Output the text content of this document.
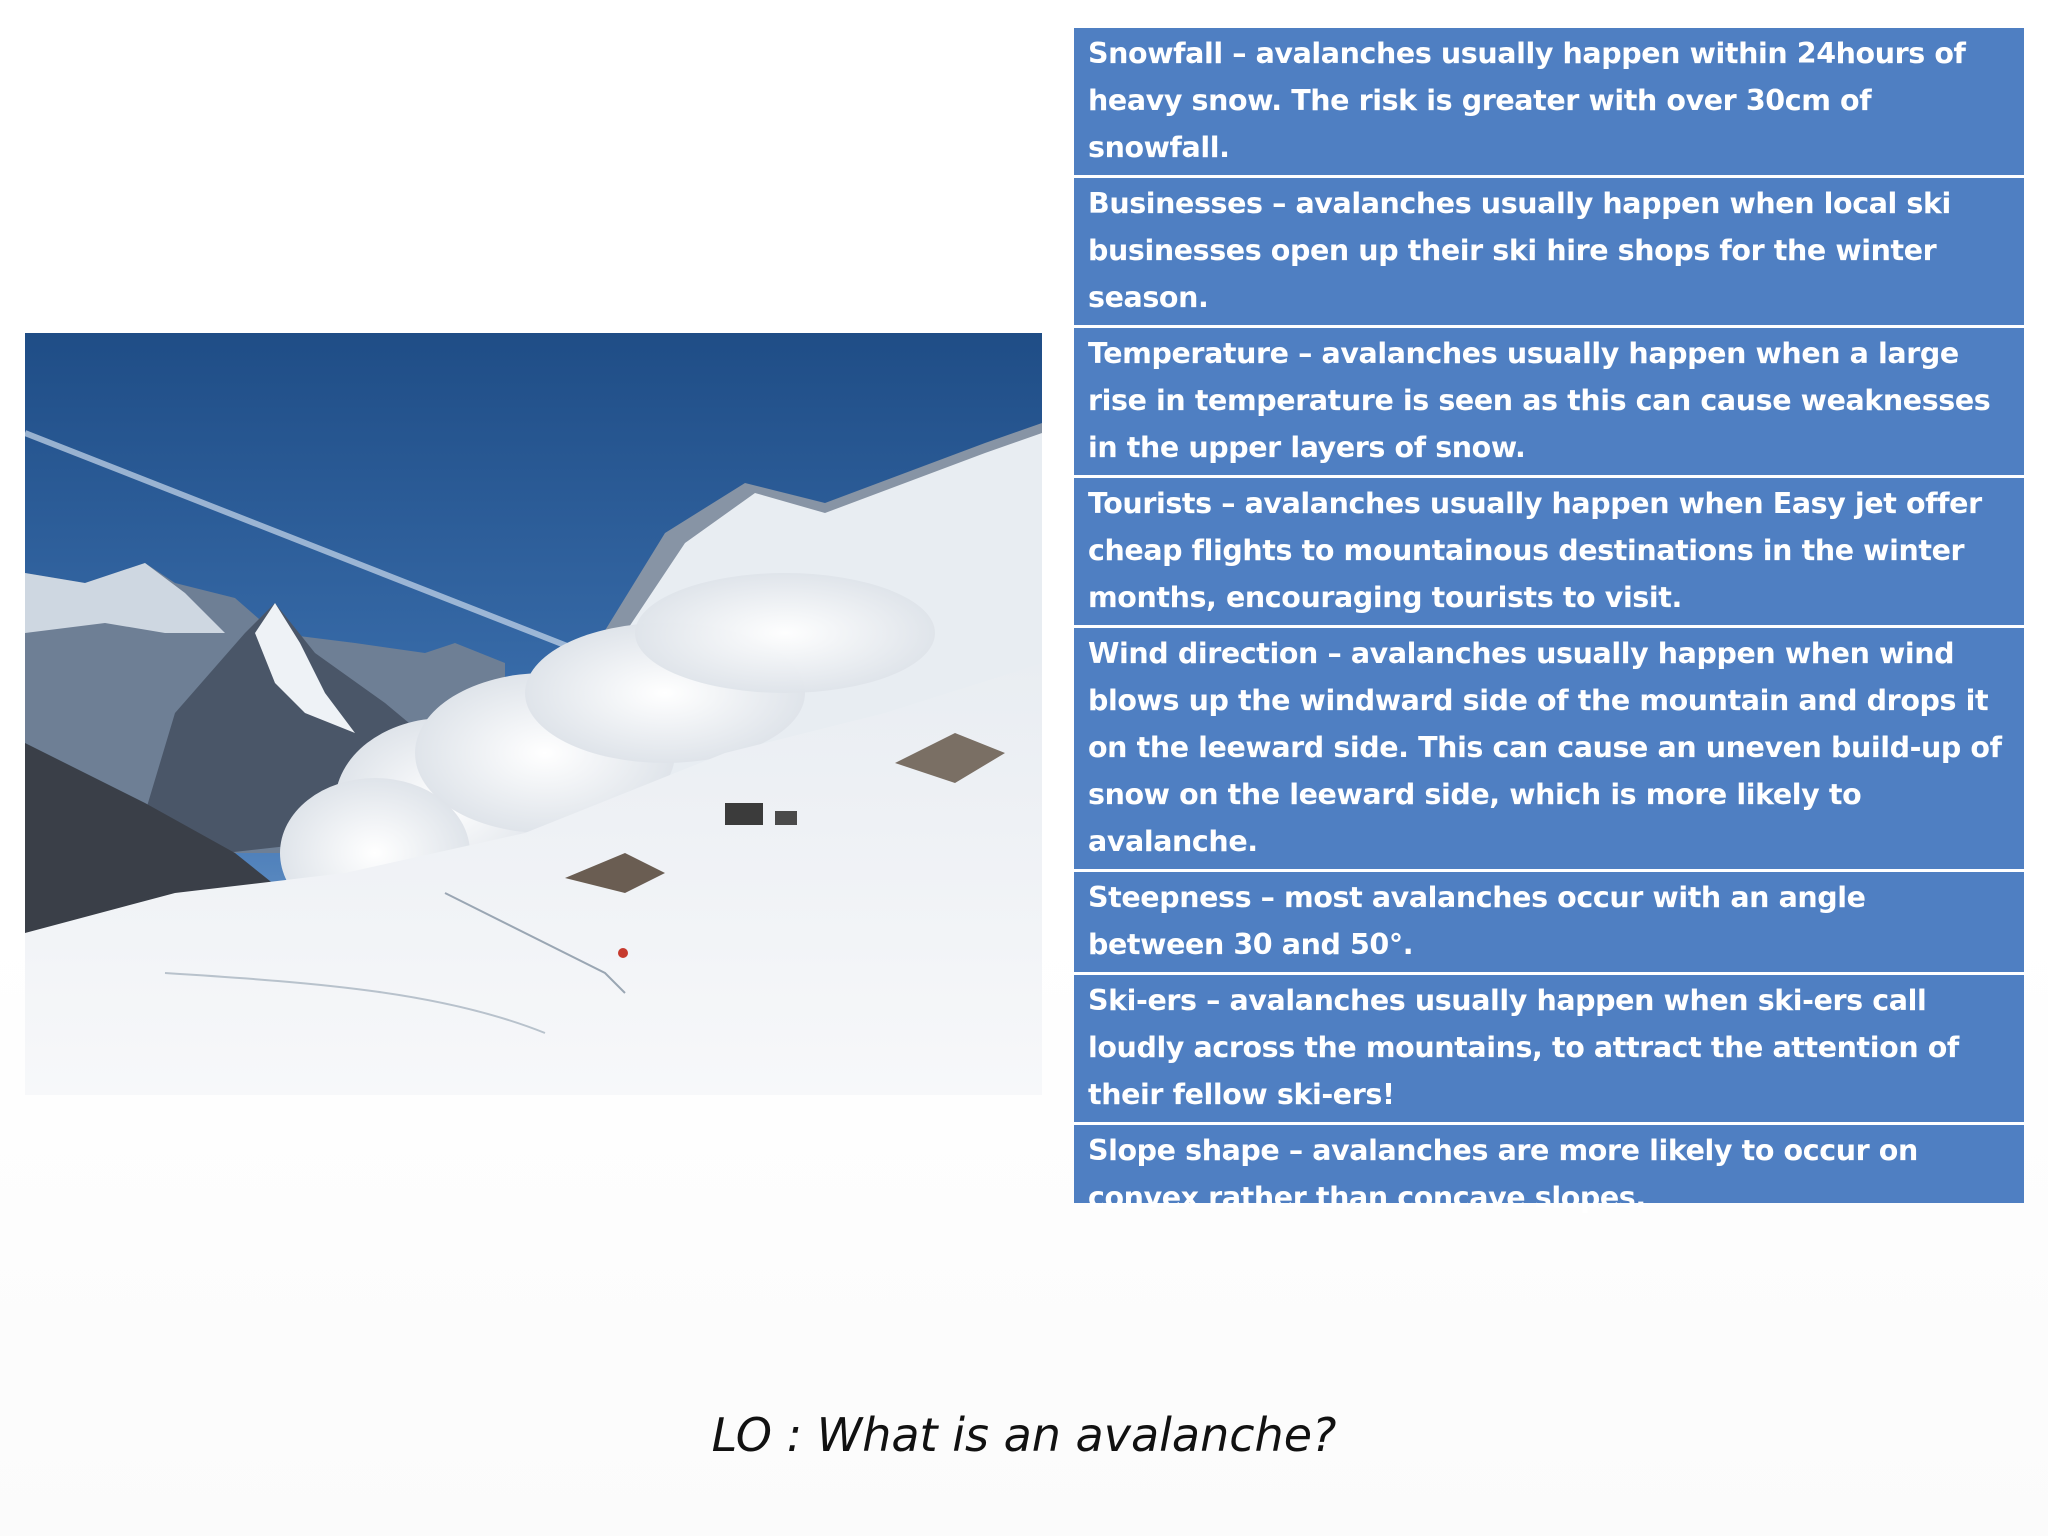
Snowfall – avalanches usually happen within 24hours of heavy snow. The risk is greater with over 30cm of snowfall.
Businesses – avalanches usually happen when local ski businesses open up their ski hire shops for the winter season.
Temperature – avalanches usually happen when a large rise in temperature is seen as this can cause weaknesses in the upper layers of snow.
Tourists – avalanches usually happen when Easy jet offer cheap flights to mountainous destinations in the winter months, encouraging tourists to visit.
Wind direction – avalanches usually happen when wind blows up the windward side of the mountain and drops it on the leeward side. This can cause an uneven build-up of snow on the leeward side, which is more likely to avalanche.
Steepness – most avalanches occur with an angle between 30 and 50°.
Ski-ers – avalanches usually happen when ski-ers call loudly across the mountains, to attract the attention of their fellow ski-ers!
Slope shape – avalanches are more likely to occur on convex rather than concave slopes.
LO : What is an avalanche?
